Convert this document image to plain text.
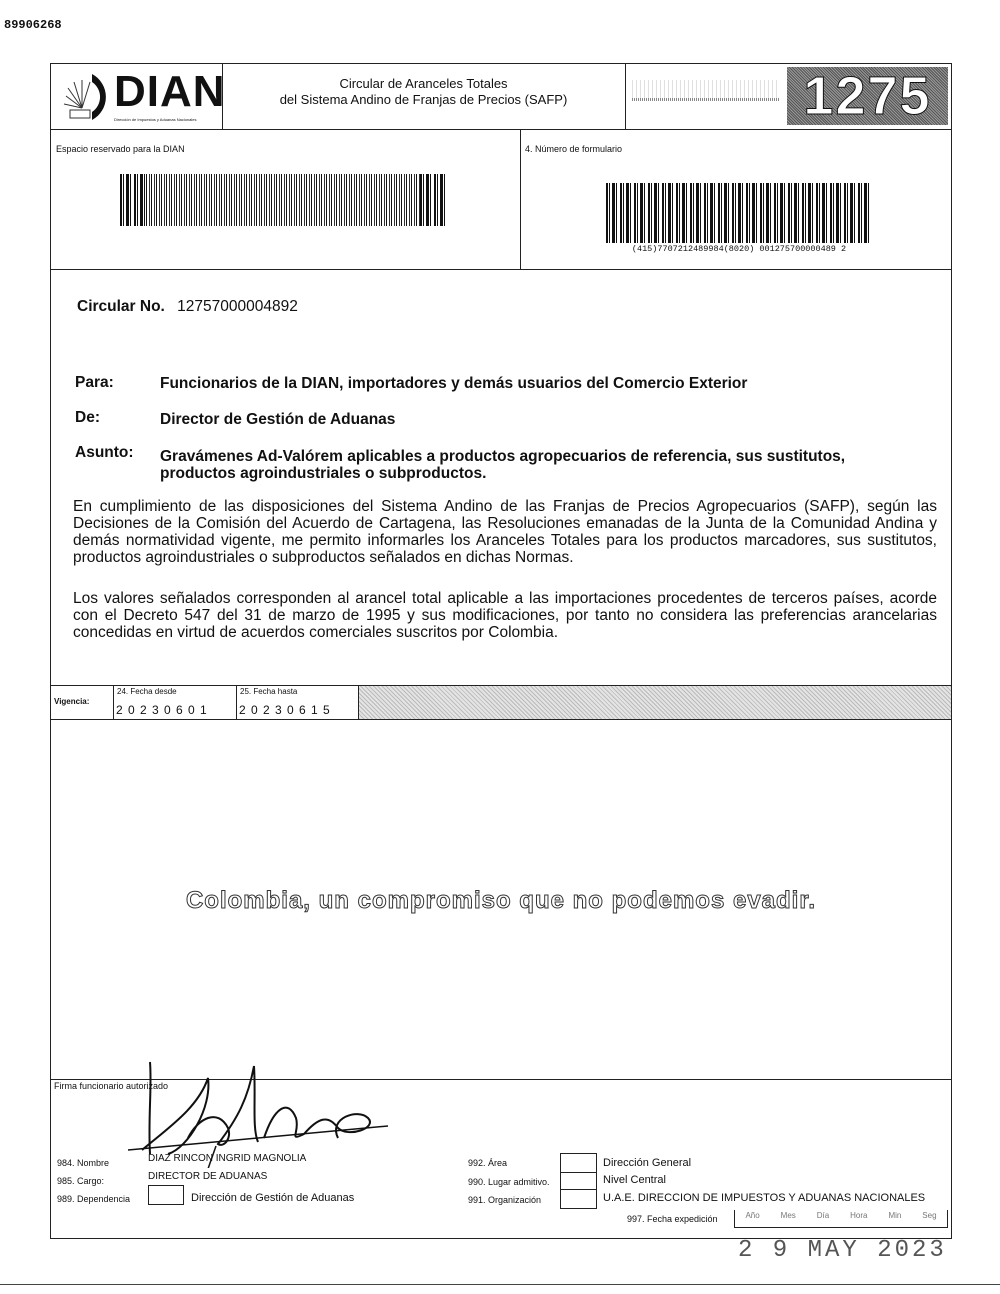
89906268
DIAN
Dirección de Impuestos y Aduanas Nacionales
Circular de Aranceles Totales
del Sistema Andino de Franjas de Precios (SAFP)	1275
Espacio reservado para la DIAN	4. Número de formulario
(415)7707212489984(8020) 001275700000489 2
Circular No. 12757000004892
Para:	Funcionarios de la DIAN, importadores y demás usuarios del Comercio Exterior
De:	Director de Gestión de Aduanas
Asunto: Gravámenes Ad-Valórem aplicables a productos agropecuarios de referencia, sus sustitutos,
productos agroindustriales o subproductos.
En cumplimiento de las disposiciones del Sistema Andino de las Franjas de Precios Agropecuarios (SAFP), según las Decisiones de la Comisión del Acuerdo de Cartagena, las Resoluciones emanadas de la Junta de la Comunidad Andina y demás normatividad vigente, me permito informarles los Aranceles Totales para los productos marcadores, sus sustitutos, productos agroindustriales o subproductos señalados en dichas Normas.
Los valores señalados corresponden al arancel total aplicable a las importaciones procedentes de terceros países, acorde con el Decreto 547 del 31 de marzo de 1995 y sus modificaciones, por tanto no considera las preferencias arancelarias concedidas en virtud de acuerdos comerciales suscritos por Colombia.
Vigencia:
24. Fecha desde
2 0 2 3 0 6 0 1
25. Fecha hasta
2 0 2 3 0 6 1 5
Colombia, un compromiso que no podemos evadir.
Firma funcionario autorizado
984. Nombre	DIAZ RINCON INGRID MAGNOLIA
985. Cargo:	DIRECTOR DE ADUANAS
989. Dependencia	Dirección de Gestión de Aduanas
992. Área	Dirección General
990. Lugar admitivo.	Nivel Central
991. Organización	U.A.E. DIRECCION DE IMPUESTOS Y ADUANAS NACIONALES
997. Fecha expedición	Año	Mes	Día	Hora	Min	Seg
2 9 MAY 2023
